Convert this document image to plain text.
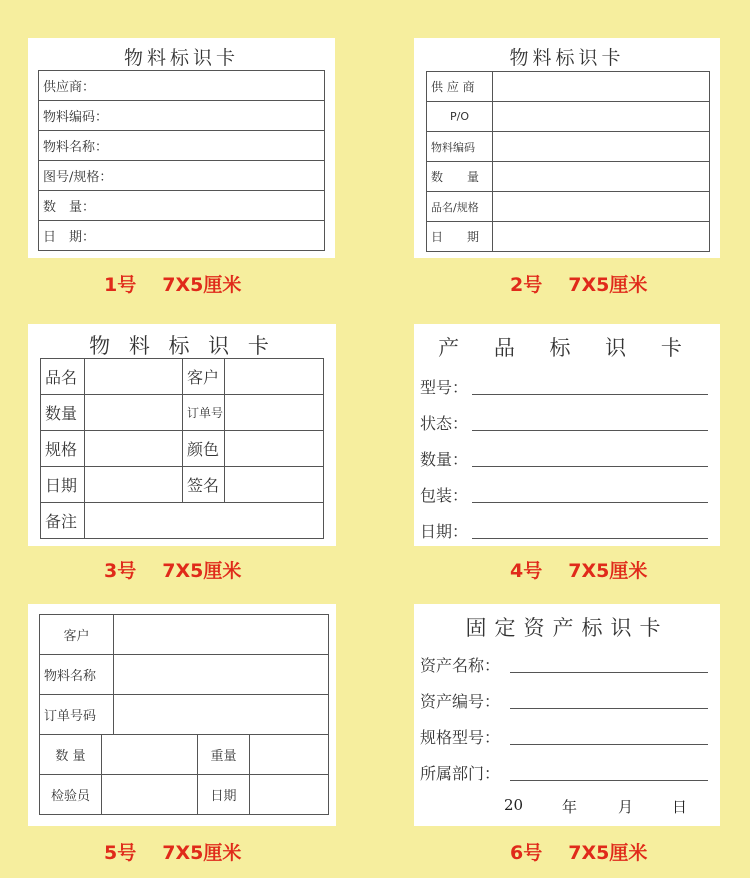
物料标识卡
供应商：
物料编码：
物料名称：
图号/规格：
数　量：
日　期：
1号 7X5厘米
物料标识卡
供 应 商	
P/O	
物料编码	
数　　量	
品名/规格	
日　　期	
2号 7X5厘米
物 料 标 识 卡
品名		客户	
数量		订单号	
规格		颜色	
日期		签名	
备注			
3号 7X5厘米
产 品 标 识 卡
型号：
状态：
数量：
包装：
日期：
4号 7X5厘米
客户				
物料名称				
订单号码				
数 量			重量	
检验员			日期	
5号 7X5厘米
固定资产标识卡
资产名称：
资产编号：
规格型号：
所属部门：
20	年	月	日
6号 7X5厘米
